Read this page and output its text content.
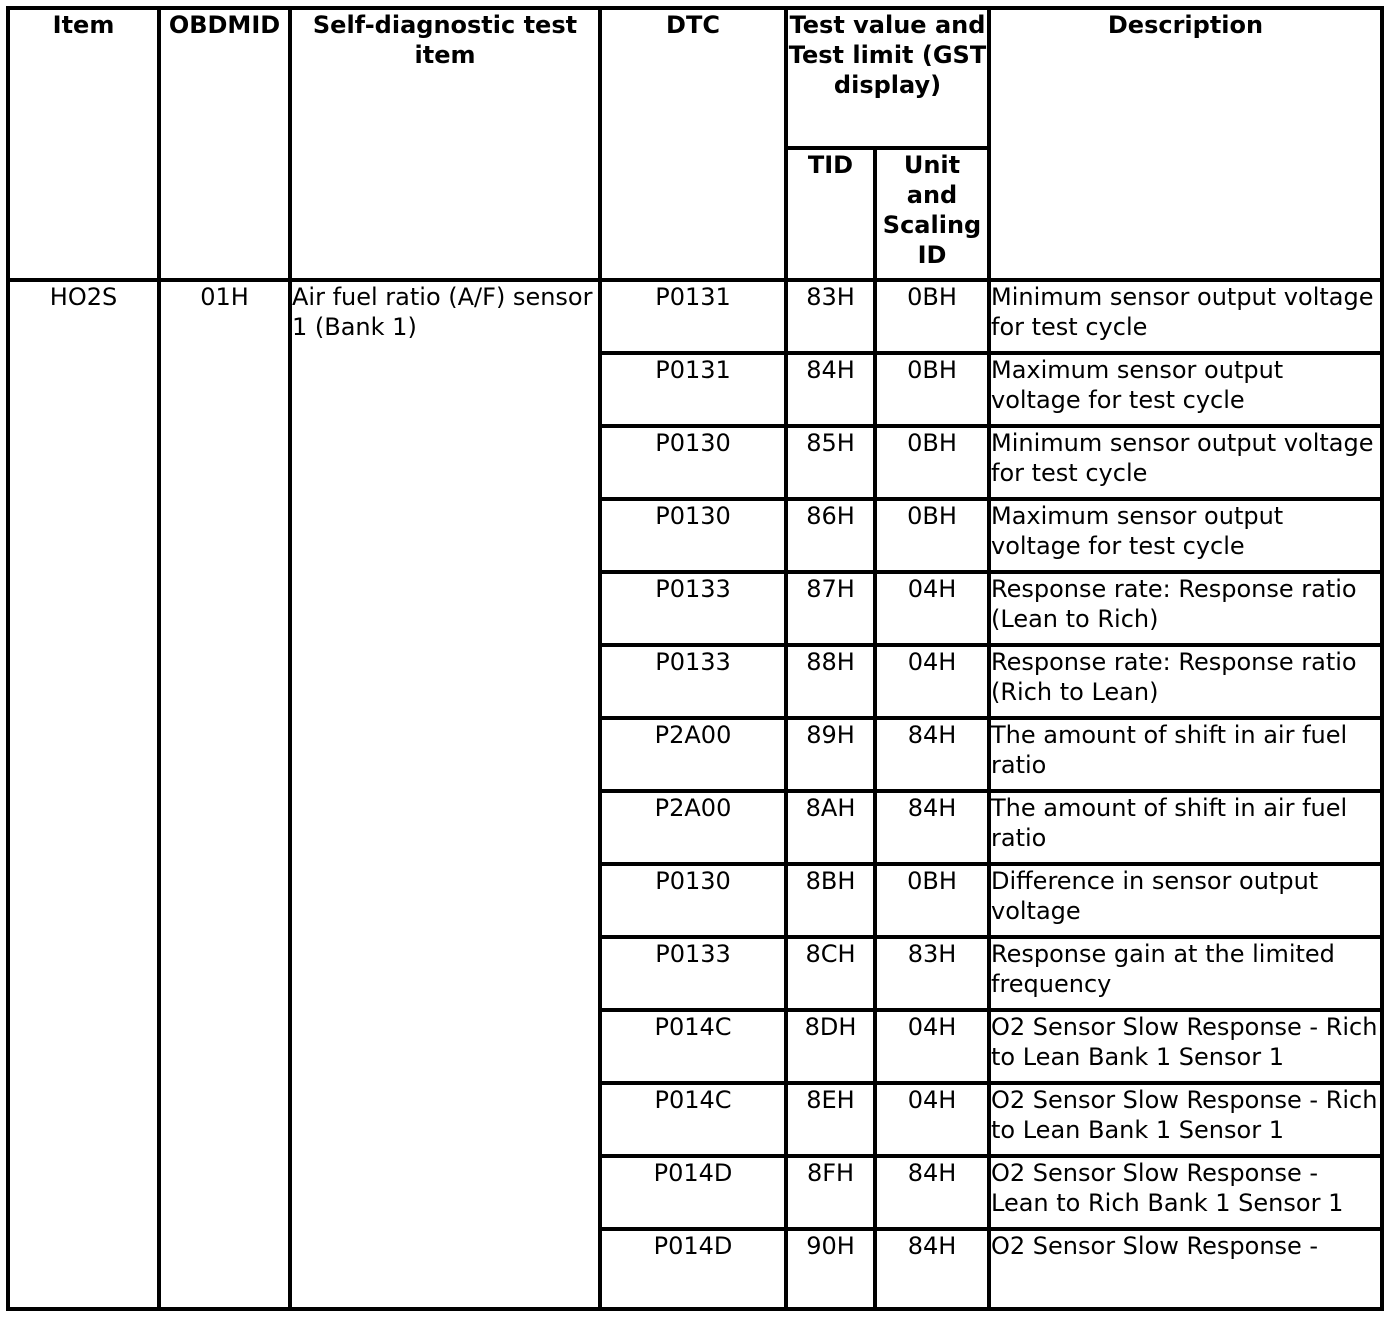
Item	OBDMID	Self-diagnostic test item	DTC	Test value and Test limit (GST display)		Description
				TID	Unit and Scaling ID	
HO2S	01H	Air fuel ratio (A/F) sensor 1 (Bank 1)	P0131	83H	0BH	Minimum sensor output voltage for test cycle
			P0131	84H	0BH	Maximum sensor output voltage for test cycle
			P0130	85H	0BH	Minimum sensor output voltage for test cycle
			P0130	86H	0BH	Maximum sensor output voltage for test cycle
			P0133	87H	04H	Response rate: Response ratio (Lean to Rich)
			P0133	88H	04H	Response rate: Response ratio (Rich to Lean)
			P2A00	89H	84H	The amount of shift in air fuel ratio
			P2A00	8AH	84H	The amount of shift in air fuel ratio
			P0130	8BH	0BH	Difference in sensor output voltage
			P0133	8CH	83H	Response gain at the limited frequency
			P014C	8DH	04H	O2 Sensor Slow Response - Rich to Lean Bank 1 Sensor 1
			P014C	8EH	04H	O2 Sensor Slow Response - Rich to Lean Bank 1 Sensor 1
			P014D	8FH	84H	O2 Sensor Slow Response - Lean to Rich Bank 1 Sensor 1
			P014D	90H	84H	O2 Sensor Slow Response -
